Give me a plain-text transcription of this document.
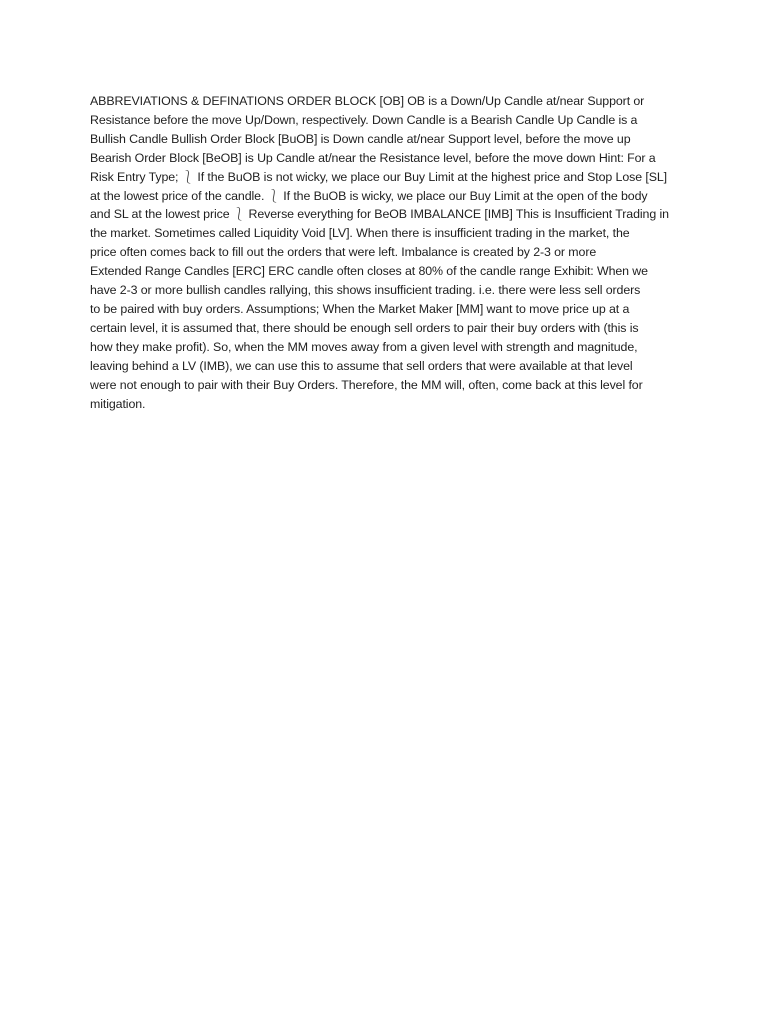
ABBREVIATIONS & DEFINATIONS ORDER BLOCK [OB] OB is a Down/Up Candle at/near Support or

Resistance before the move Up/Down, respectively. Down Candle is a Bearish Candle Up Candle is a

Bullish Candle Bullish Order Block [BuOB] is Down candle at/near Support level, before the move up

Bearish Order Block [BeOB] is Up Candle at/near the Resistance level, before the move down Hint: For a

Risk Entry Type; ⎱ If the BuOB is not wicky, we place our Buy Limit at the highest price and Stop Lose [SL]

at the lowest price of the candle. ⎱ If the BuOB is wicky, we place our Buy Limit at the open of the body

and SL at the lowest price ⎱ Reverse everything for BeOB IMBALANCE [IMB] This is Insufficient Trading in

the market. Sometimes called Liquidity Void [LV]. When there is insufficient trading in the market, the

price often comes back to fill out the orders that were left. Imbalance is created by 2-3 or more

Extended Range Candles [ERC] ERC candle often closes at 80% of the candle range Exhibit: When we

have 2-3 or more bullish candles rallying, this shows insufficient trading. i.e. there were less sell orders

to be paired with buy orders. Assumptions; When the Market Maker [MM] want to move price up at a

certain level, it is assumed that, there should be enough sell orders to pair their buy orders with (this is

how they make profit). So, when the MM moves away from a given level with strength and magnitude,

leaving behind a LV (IMB), we can use this to assume that sell orders that were available at that level

were not enough to pair with their Buy Orders. Therefore, the MM will, often, come back at this level for

mitigation.
